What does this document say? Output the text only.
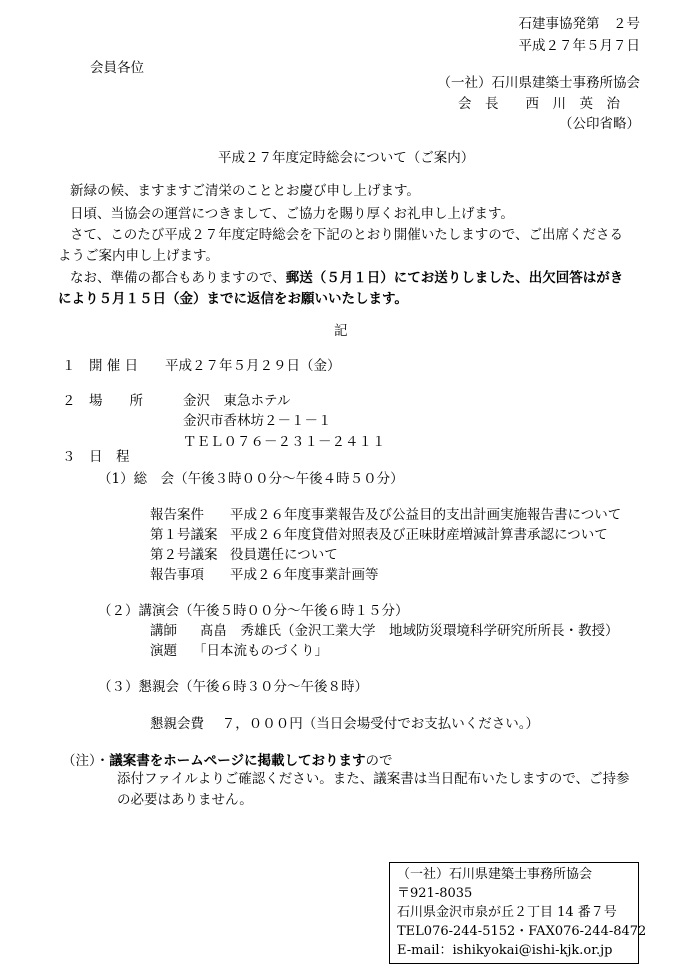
石建事協発第　２号
平成２７年５月７日
会員各位
（一社）石川県建築士事務所協会
会　長　　西　川　英　治
（公印省略）
平成２７年度定時総会について（ご案内）
新緑の候、ますますご清栄のこととお慶び申し上げます。
日頃、当協会の運営につきまして、ご協力を賜り厚くお礼申し上げます。
さて、このたび平成２７年度定時総会を下記のとおり開催いたしますので、ご出席くださる
ようご案内申し上げます。
なお、準備の都合もありますので、郵送（５月１日）にてお送りしました、出欠回答はがき
により５月１５日（金）までに返信をお願いいたします。
記
１　開 催 日 平成２７年５月２９日（金）
２　場　　所	金沢　東急ホテル
金沢市香林坊２－１－１
ＴＥＬ０７６－２３１－２４１１
３　日　程
（1）総　会（午後３時００分～午後４時５０分）
報告案件 平成２６年度事業報告及び公益目的支出計画実施報告書について
第１号議案 平成２６年度貸借対照表及び正味財産増減計算書承認について
第２号議案 役員選任について
報告事項 平成２６年度事業計画等
（２）講演会（午後５時００分～午後６時１５分）
講師 髙畠　秀雄氏（金沢工業大学　地域防災環境科学研究所所長・教授）
演題 「日本流ものづくり」
（３）懇親会（午後６時３０分～午後８時）
懇親会費　 ７，０００円（当日会場受付でお支払いください。）
（注）・議案書をホームページに掲載しておりますので
添付ファイルよりご確認ください。また、議案書は当日配布いたしますので、ご持参
の必要はありません。
（一社）石川県建築士事務所協会
〒921-8035
石川県金沢市泉が丘２丁目 14 番７号
TEL076-244-5152・FAX076-244-8472
E-mail：ishikyokai@ishi-kjk.or.jp
